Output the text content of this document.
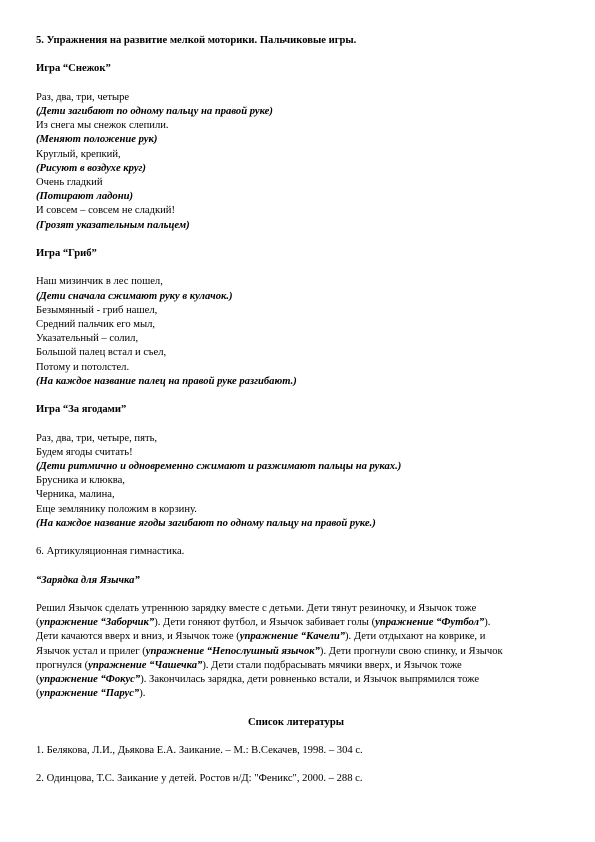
5. Упражнения на развитие мелкой моторики. Пальчиковые игры.
Игра “Снежок”
Раз, два, три, четыре
(Дети загибают по одному пальцу на правой руке)
Из снега мы снежок слепили.
(Меняют положение рук)
Круглый, крепкий,
(Рисуют в воздухе круг)
Очень гладкий
(Потирают ладони)
И совсем – совсем не сладкий!
(Грозят указательным пальцем)
Игра “Гриб”
Наш мизинчик в лес пошел,
(Дети сначала сжимают руку в кулачок.)
Безымянный - гриб нашел,
Средний пальчик его мыл,
Указательный – солил,
Большой палец встал и съел,
Потому и потолстел.
(На каждое название палец на правой руке разгибают.)
Игра “За ягодами”
Раз, два, три, четыре, пять,
Будем ягоды считать!
(Дети ритмично и одновременно сжимают и разжимают пальцы на руках.)
Брусника и клюква,
Черника, малина,
Еще землянику положим в корзину.
(На каждое название ягоды загибают по одному пальцу на правой руке.)
6. Артикуляционная гимнастика.
“Зарядка для Язычка”
Решил Язычок сделать утреннюю зарядку вместе с детьми. Дети тянут резиночку, и Язычок тоже
(упражнение “Заборчик”). Дети гоняют футбол, и Язычок забивает голы (упражнение “Футбол”).
Дети качаются вверх и вниз, и Язычок тоже (упражнение “Качели”). Дети отдыхают на коврике, и
Язычок устал и прилег (упражнение “Непослушный язычок”). Дети прогнули свою спинку, и Язычок
прогнулся (упражнение “Чашечка”). Дети стали подбрасывать мячики вверх, и Язычок тоже
(упражнение “Фокус”). Закончилась зарядка, дети ровненько встали, и Язычок выпрямился тоже
(упражнение “Парус”).
Список литературы
1. Белякова, Л.И., Дьякова Е.А. Заикание. – М.: В.Секачев, 1998. – 304 с.
2. Одинцова, Т.С. Заикание у детей. Ростов н/Д: "Феникс", 2000. – 288 с.
